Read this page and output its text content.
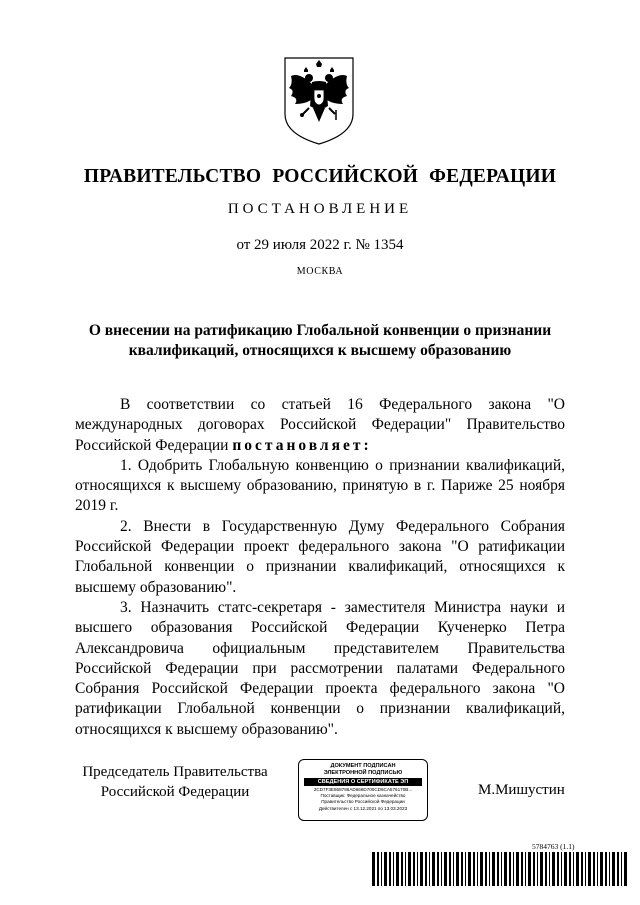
ПРАВИТЕЛЬСТВО РОССИЙСКОЙ ФЕДЕРАЦИИ
ПОСТАНОВЛЕНИЕ
от 29 июля 2022 г. № 1354
МОСКВА
О внесении на ратификацию Глобальной конвенции о признании квалификаций, относящихся к высшему образованию

В соответствии со статьей 16 Федерального закона "О международных договорах Российской Федерации" Правительство Российской Федерации постановляет:

1. Одобрить Глобальную конвенцию о признании квалификаций, относящихся к высшему образованию, принятую в г. Париже 25 ноября 2019 г.

2. Внести в Государственную Думу Федерального Собрания Российской Федерации проект федерального закона "О ратификации Глобальной конвенции о признании квалификаций, относящихся к высшему образованию".

3. Назначить статс-секретаря - заместителя Министра науки и высшего образования Российской Федерации Кученерко Петра Александровича официальным представителем Правительства Российской Федерации при рассмотрении палатами Федерального Собрания Российской Федерации проекта федерального закона "О ратификации Глобальной конвенции о признании квалификаций, относящихся к высшему образованию".

Председатель Правительства
Российской Федерации
ДОКУМЕНТ ПОДПИСАН
ЭЛЕКТРОННОЙ ПОДПИСЬЮ
СВЕДЕНИЯ О СЕРТИФИКАТЕ ЭП
2CD7F3E868786AD668D700CD6CA576170B...
Поставщик: Федеральное казначейство
Правительство Российской Федерации
Действителен с 13.12.2021 по 13.03.2023
М.Мишустин
5784763 (1.1)
